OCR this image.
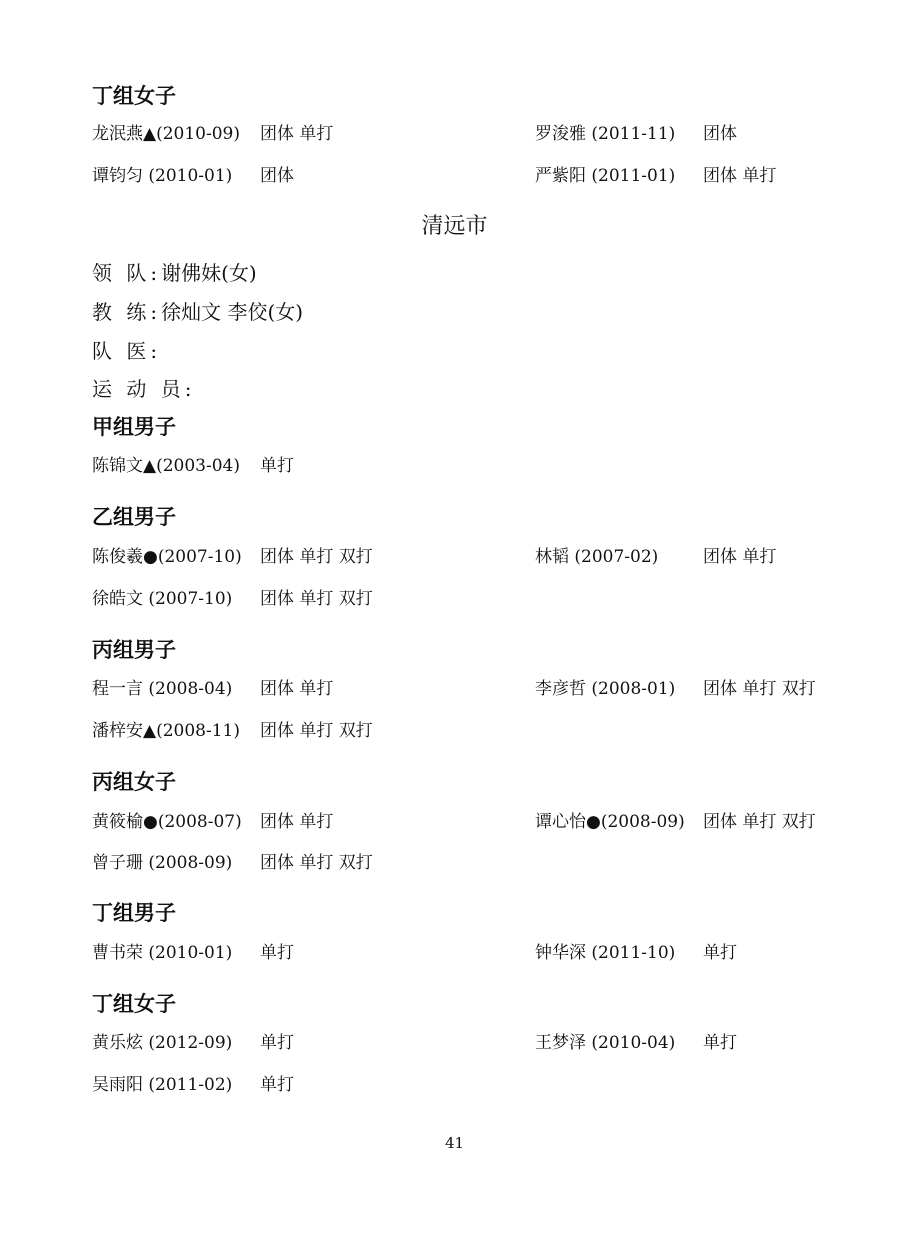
丁组女子
龙泯燕▲(2010-09) 团体 单打	罗浚雅 (2011-11) 团体
谭钧匀 (2010-01) 团体	严紫阳 (2011-01) 团体 单打
清远市
领 队:谢佛妹(女)
教 练:徐灿文 李佼(女)
队 医:
运 动 员:
甲组男子
陈锦文▲(2003-04) 单打
乙组男子
陈俊羲●(2007-10) 团体 单打 双打	林韬 (2007-02)	团体 单打
徐皓文 (2007-10) 团体 单打 双打
丙组男子
程一言 (2008-04) 团体 单打	李彦哲 (2008-01) 团体 单打 双打
潘梓安▲(2008-11) 团体 单打 双打
丙组女子
黄筱榆●(2008-07) 团体 单打	谭心怡●(2008-09) 团体 单打 双打
曾子珊 (2008-09) 团体 单打 双打
丁组男子
曹书荣 (2010-01) 单打	钟华深 (2011-10) 单打
丁组女子
黄乐炫 (2012-09) 单打	王梦泽 (2010-04) 单打
吴雨阳 (2011-02) 单打
41
